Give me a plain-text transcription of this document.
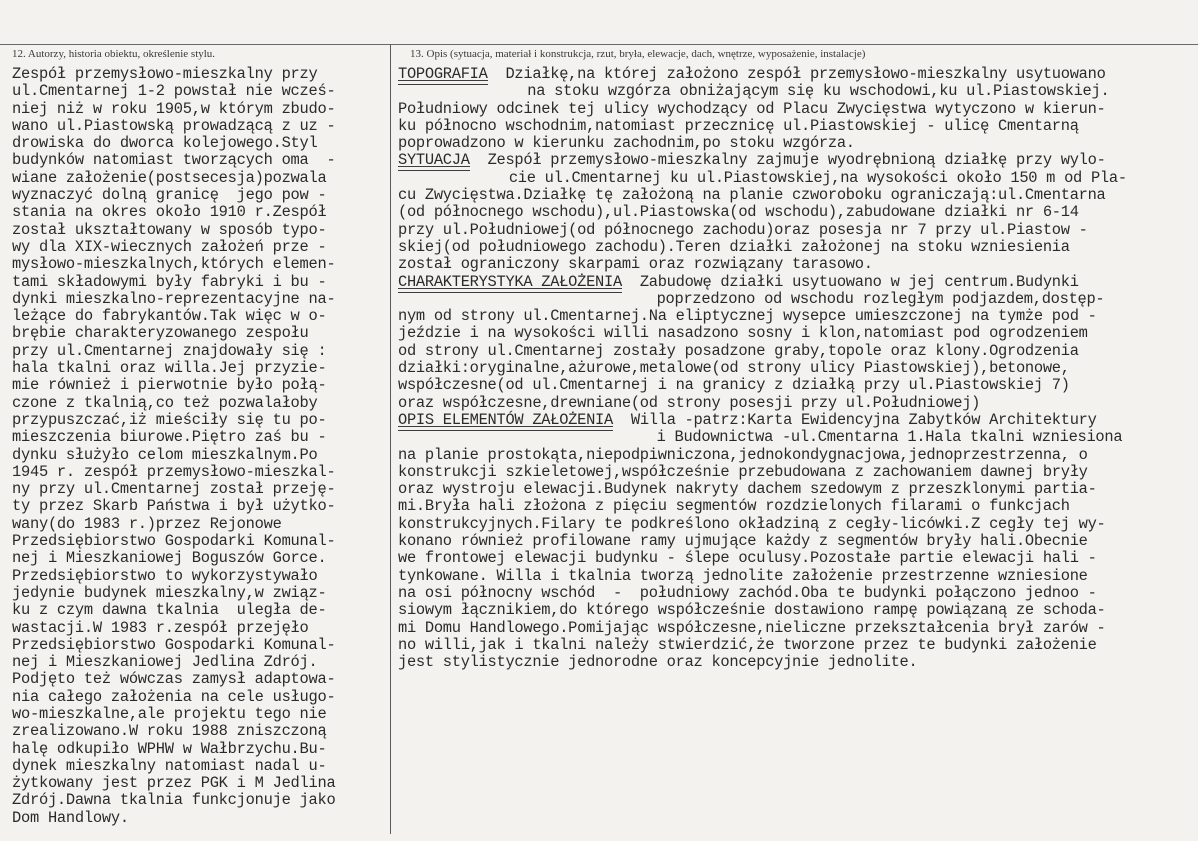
12. Autorzy, historia obiektu, określenie stylu.	13. Opis (sytuacja, materiał i konstrukcja, rzut, bryła, elewacje, dach, wnętrze, wyposażenie, instalacje)
Zespół przemysłowo-mieszkalny przy
ul.Cmentarnej 1-2 powstał nie wcześ-
niej niż w roku 1905,w którym zbudo-
wano ul.Piastowską prowadzącą z uz -
drowiska do dworca kolejowego.Styl
budynków natomiast tworzących oma  -
wiane założenie(postsecesja)pozwala
wyznaczyć dolną granicę  jego pow -
stania na okres około 1910 r.Zespół
został ukształtowany w sposób typo-
wy dla XIX-wiecznych założeń prze -
mysłowo-mieszkalnych,których elemen-
tami składowymi były fabryki i bu -
dynki mieszkalno-reprezentacyjne na-
leżące do fabrykantów.Tak więc w o-
brębie charakteryzowanego zespołu
przy ul.Cmentarnej znajdowały się :
hala tkalni oraz willa.Jej przyzie-
mie również i pierwotnie było połą-
czone z tkalnią,co też pozwalałoby
przypuszczać,iż mieściły się tu po-
mieszczenia biurowe.Piętro zaś bu -
dynku służyło celom mieszkalnym.Po
1945 r. zespół przemysłowo-mieszkal-
ny przy ul.Cmentarnej został przeję-
ty przez Skarb Państwa i był użytko-
wany(do 1983 r.)przez Rejonowe
Przedsiębiorstwo Gospodarki Komunal-
nej i Mieszkaniowej Boguszów Gorce.
Przedsiębiorstwo to wykorzystywało
jedynie budynek mieszkalny,w związ-
ku z czym dawna tkalnia  uległa de-
wastacji.W 1983 r.zespół przejęło
Przedsiębiorstwo Gospodarki Komunal-
nej i Mieszkaniowej Jedlina Zdrój.
Podjęto też wówczas zamysł adaptowa-
nia całego założenia na cele usługo-
wo-mieszkalne,ale projektu tego nie
zrealizowano.W roku 1988 zniszczoną
halę odkupiło WPHW w Wałbrzychu.Bu-
dynek mieszkalny natomiast nadal u-
żytkowany jest przez PGK i M Jedlina
Zdrój.Dawna tkalnia funkcjonuje jako
Dom Handlowy.
TOPOGRAFIA
Działkę,na której założono zespół przemysłowo-mieszkalny usytuowano
na stoku wzgórza obniżającym się ku wschodowi,ku ul.Piastowskiej.
Południowy odcinek tej ulicy wychodzący od Placu Zwycięstwa wytyczono w kierun-
ku północno wschodnim,natomiast przecznicę ul.Piastowskiej - ulicę Cmentarną
poprowadzono w kierunku zachodnim,po stoku wzgórza.
SYTUACJA
Zespół przemysłowo-mieszkalny zajmuje wyodrębnioną działkę przy wylo-
cie ul.Cmentarnej ku ul.Piastowskiej,na wysokości około 150 m od Pla-
cu Zwycięstwa.Działkę tę założoną na planie czworoboku ograniczają:ul.Cmentarna
(od północnego wschodu),ul.Piastowska(od wschodu),zabudowane działki nr 6-14
przy ul.Południowej(od północnego zachodu)oraz posesja nr 7 przy ul.Piastow -
skiej(od południowego zachodu).Teren działki założonej na stoku wzniesienia
został ograniczony skarpami oraz rozwiązany tarasowo.
CHARAKTERYSTYKA ZAŁOŻENIA
Zabudowę działki usytuowano w jej centrum.Budynki
poprzedzono od wschodu rozległym podjazdem,dostęp-
nym od strony ul.Cmentarnej.Na eliptycznej wysepce umieszczonej na tymże pod -
jeździe i na wysokości willi nasadzono sosny i klon,natomiast pod ogrodzeniem
od strony ul.Cmentarnej zostały posadzone graby,topole oraz klony.Ogrodzenia
działki:oryginalne,ażurowe,metalowe(od strony ulicy Piastowskiej),betonowe,
współczesne(od ul.Cmentarnej i na granicy z działką przy ul.Piastowskiej 7)
oraz współczesne,drewniane(od strony posesji przy ul.Południowej)
OPIS ELEMENTÓW ZAŁOŻENIA
Willa -patrz:Karta Ewidencyjna Zabytków Architektury
i Budownictwa -ul.Cmentarna 1.Hala tkalni wzniesiona
na planie prostokąta,niepodpiwniczona,jednokondygnacjowa,jednoprzestrzenna, o
konstrukcji szkieletowej,współcześnie przebudowana z zachowaniem dawnej bryły
oraz wystroju elewacji.Budynek nakryty dachem szedowym z przeszklonymi partia-
mi.Bryła hali złożona z pięciu segmentów rozdzielonych filarami o funkcjach
konstrukcyjnych.Filary te podkreślono okładziną z cegły-licówki.Z cegły tej wy-
konano również profilowane ramy ujmujące każdy z segmentów bryły hali.Obecnie
we frontowej elewacji budynku - ślepe oculusy.Pozostałe partie elewacji hali -
tynkowane. Willa i tkalnia tworzą jednolite założenie przestrzenne wzniesione
na osi północny wschód  -  południowy zachód.Oba te budynki połączono jednoo -
siowym łącznikiem,do którego współcześnie dostawiono rampę powiązaną ze schoda-
mi Domu Handlowego.Pomijając współczesne,nieliczne przekształcenia brył zarów -
no willi,jak i tkalni należy stwierdzić,że tworzone przez te budynki założenie
jest stylistycznie jednorodne oraz koncepcyjnie jednolite.
